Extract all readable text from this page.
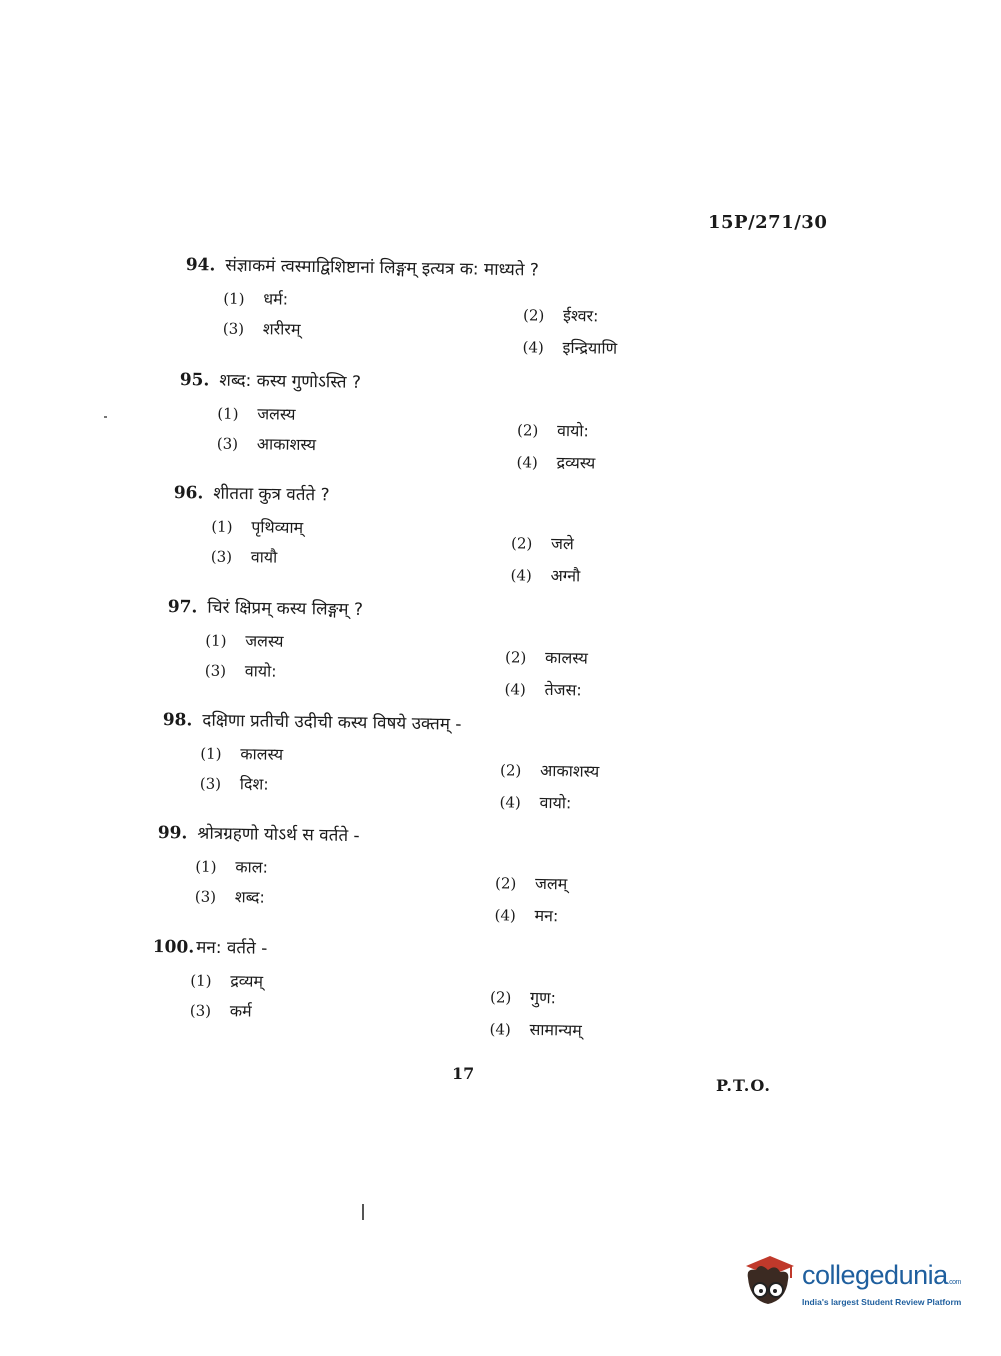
15P/271/30
94. संज्ञाकमं त्वस्माद्विशिष्टानां लिङ्गम् इत्यत्र क: माध्यते ?
(1) धर्म:
(2) ईश्वर:
(3) शरीरम्
(4) इन्द्रियाणि
95. शब्द: कस्य गुणोऽस्ति ?
(1) जलस्य
(2) वायो:
(3) आकाशस्य
(4) द्रव्यस्य
96. शीतता कुत्र वर्तते ?
(1) पृथिव्याम्
(2) जले
(3) वायौ
(4) अग्नौ
97. चिरं क्षिप्रम् कस्य लिङ्गम् ?
(1) जलस्य
(2) कालस्य
(3) वायो:
(4) तेजस:
98. दक्षिणा प्रतीची उदीची कस्य विषये उक्तम् -
(1) कालस्य
(2) आकाशस्य
(3) दिश:
(4) वायो:
99. श्रोत्रग्रहणो योऽर्थ स वर्तते -
(1) काल:
(2) जलम्
(3) शब्द:
(4) मन:
100.मन: वर्तते -
(1) द्रव्यम्
(2) गुण:
(3) कर्म
(4) सामान्यम्
17
P.T.O.
collegedunia.com
India's largest Student Review Platform
